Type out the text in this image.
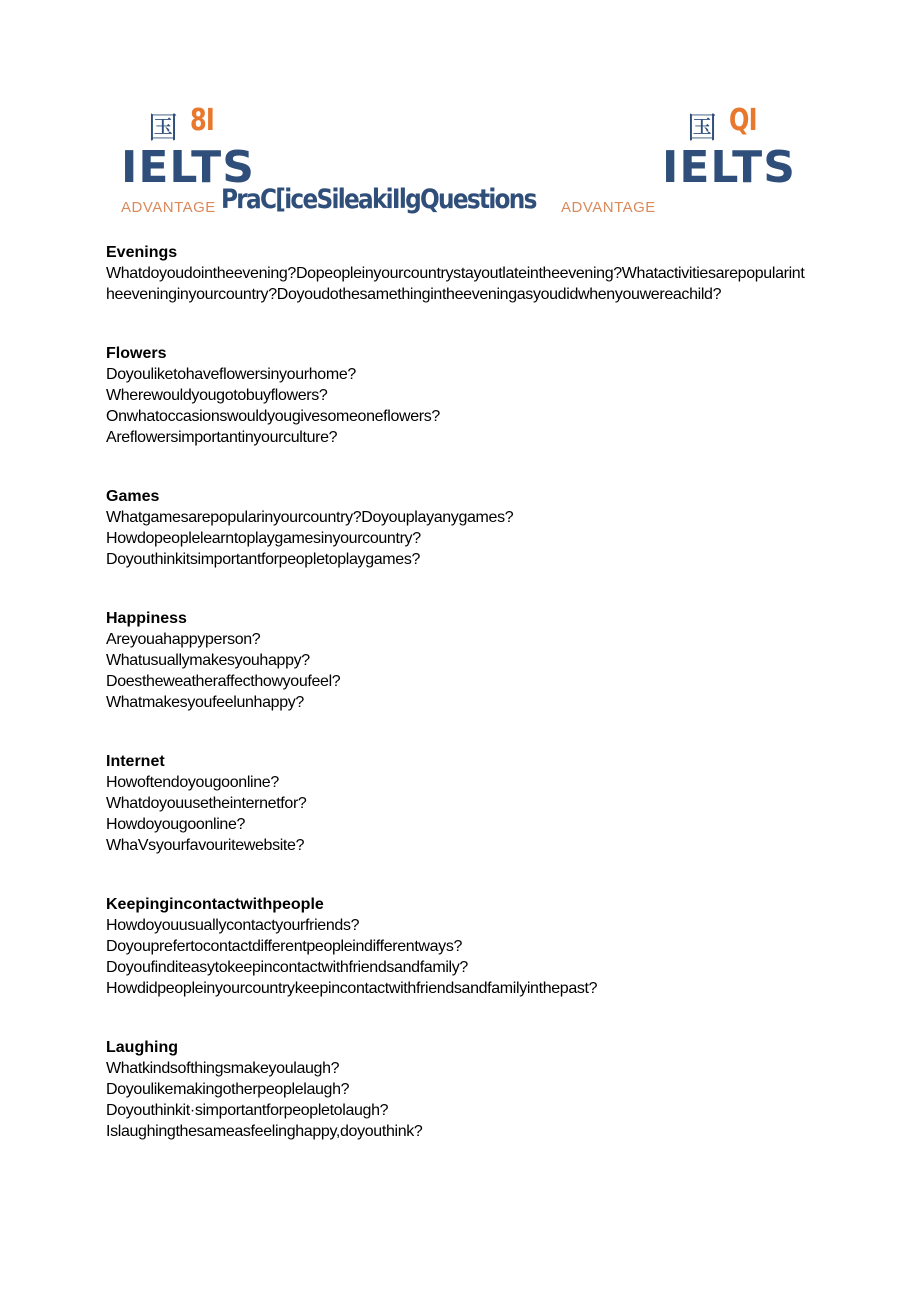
国 8I
IELTS
ADVANTAGE PraC[iceSileakiIlgQuestions ADVANTAGE
国 QI
IELTS
Evenings
Whatdoyoudointheevening?Dopeopleinyourcountrystayoutlateintheevening?Whatactivitiesarepopularintheeveninginyourcountry?Doyoudothesamethingintheeveningasyoudidwhenyouwereachild?
Flowers
Doyouliketohaveflowersinyourhome?
Wherewouldyougotobuyflowers?
Onwhatoccasionswouldyougivesomeoneflowers?
Areflowersimportantinyourculture?
Games
Whatgamesarepopularinyourcountry?Doyouplayanygames?
Howdopeoplelearntoplaygamesinyourcountry?
Doyouthinkitsimportantforpeopletoplaygames?
Happiness
Areyouahappyperson?
Whatusuallymakesyouhappy?
Doestheweatheraffecthowyoufeel?
Whatmakesyoufeelunhappy?
Internet
Howoftendoyougoonline?
Whatdoyouusetheinternetfor?
Howdoyougoonline?
WhaVsyourfavouritewebsite?
Keepingincontactwithpeople
Howdoyouusuallycontactyourfriends?
Doyouprefertocontactdifferentpeopleindifferentways?
Doyoufinditeasytokeepincontactwithfriendsandfamily?
Howdidpeopleinyourcountrykeepincontactwithfriendsandfamilyinthepast?
Laughing
Whatkindsofthingsmakeyoulaugh?
Doyoulikemakingotherpeoplelaugh?
Doyouthinkit·simportantforpeopletolaugh?
Islaughingthesameasfeelinghappy,doyouthink?
